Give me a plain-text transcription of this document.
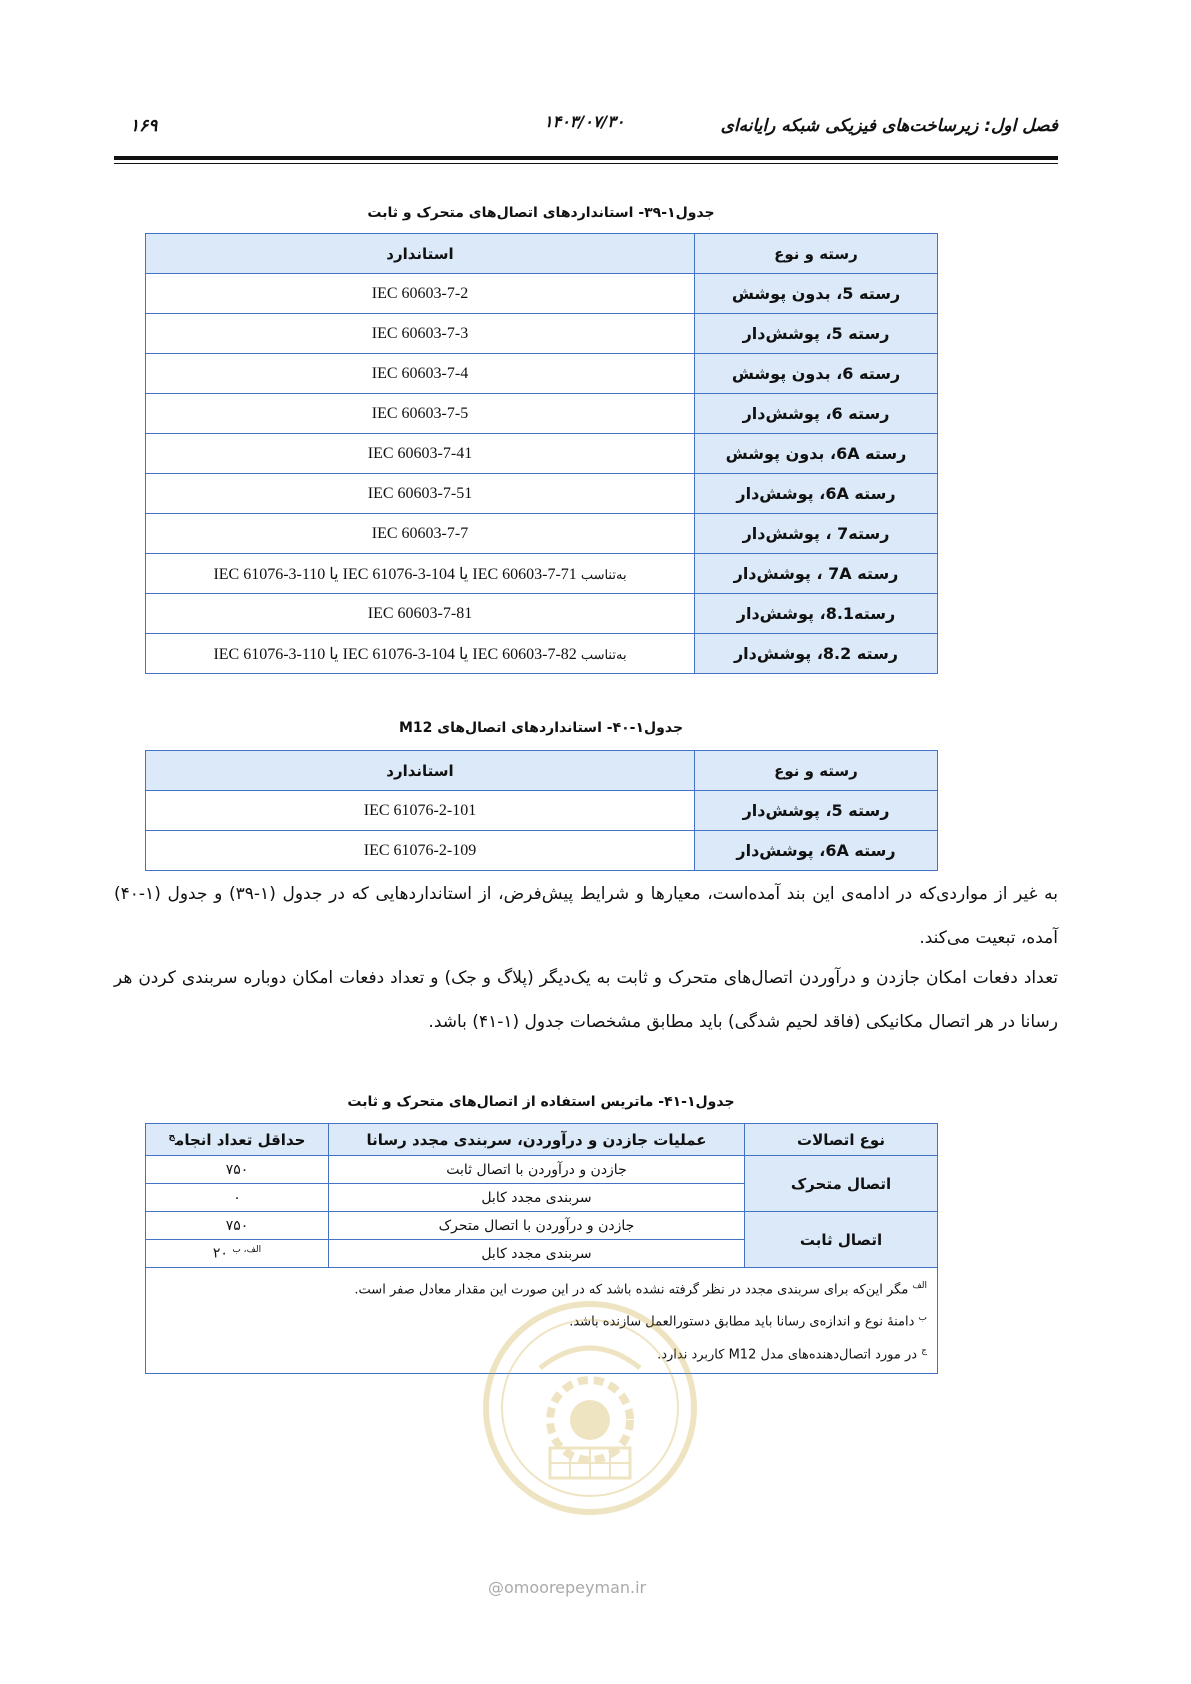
فصل اول: زیرساخت‌های فیزیکی شبکه رایانه‌ای
۱۴۰۳/۰۷/۳۰
۱۶۹
جدول۱-۳۹- استانداردهای اتصال‌های متحرک و ثابت
رسته و نوع	استاندارد
رسته 5، بدون پوشش	IEC 60603-7-2
رسته 5، پوشش‌دار	IEC 60603-7-3
رسته 6، بدون پوشش	IEC 60603-7-4
رسته 6، پوشش‌دار	IEC 60603-7-5
رسته 6A، بدون پوشش	IEC 60603-7-41
رسته 6A، پوشش‌دار	IEC 60603-7-51
رسته7 ، پوشش‌دار	IEC 60603-7-7
رسته 7A ، پوشش‌دار	به‌تناسب IEC 60603-7-71 یا IEC 61076-3-104 یا IEC 61076-3-110
رسته8.1، پوشش‌دار	IEC 60603-7-81
رسته 8.2، پوشش‌دار	به‌تناسب IEC 60603-7-82 یا IEC 61076-3-104 یا IEC 61076-3-110
جدول۱-۴۰- استانداردهای اتصال‌های M12
رسته و نوع	استاندارد
رسته 5، پوشش‌دار	IEC 61076-2-101
رسته 6A، پوشش‌دار	IEC 61076-2-109
به غیر از مواردی‌که در ادامه‌ی این بند آمده‌است، معیارها و شرایط پیش‌فرض، از استانداردهایی که در جدول (۱-۳۹) و جدول (۱-۴۰) آمده، تبعیت می‌کند.
تعداد دفعات امکان جازدن و درآوردن اتصال‌های متحرک و ثابت به یک‌دیگر (پلاگ و جک) و تعداد دفعات امکان دوباره سربندی کردن هر رسانا در هر اتصال مکانیکی (فاقد لحیم شدگی) باید مطابق مشخصات جدول (۱-۴۱) باشد.
جدول۱-۴۱- ماتریس استفاده از اتصال‌های متحرک و ثابت
نوع اتصالات	عملیات جازدن و درآوردن، سربندی مجدد رسانا	حداقل تعداد انجام$^ج$
اتصال متحرک	جازدن و درآوردن با اتصال ثابت	۷۵۰
	سربندی مجدد کابل	۰
اتصال ثابت	جازدن و درآوردن با اتصال متحرک	۷۵۰
	سربندی مجدد کابل	$^{الف، ب}$ ۲۰

$^{الف}$ مگر این‌که برای سربندی مجدد در نظر گرفته نشده باشد که در این صورت این مقدار معادل صفر است.
$^ب$ دامنهٔ نوع و اندازه‌ی رسانا باید مطابق دستورالعمل سازنده باشد.
$^ج$ در مورد اتصال‌دهنده‌های مدل M12 کاربرد ندارد.		
@omoorepeyman.ir
